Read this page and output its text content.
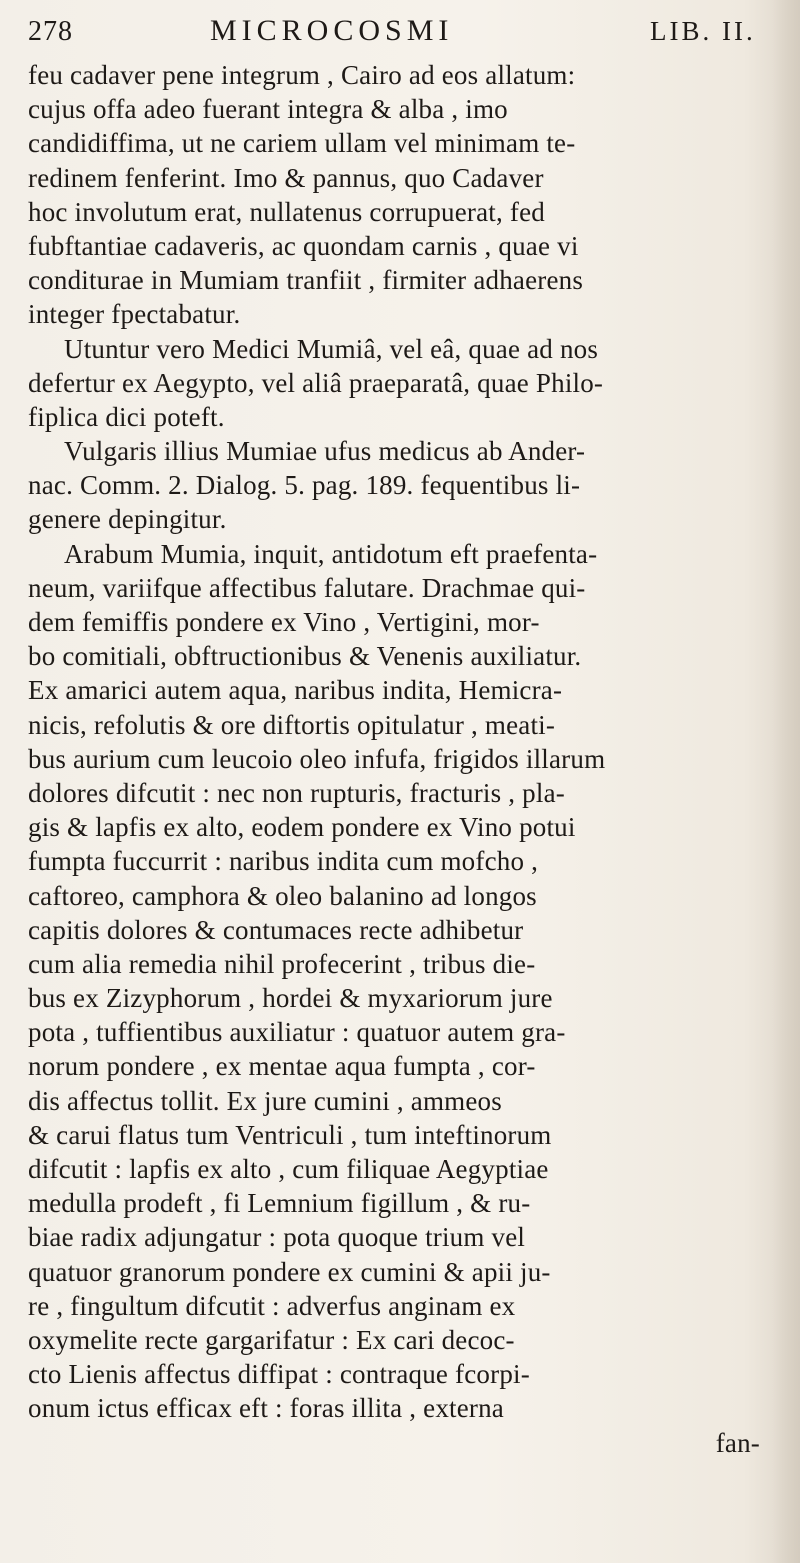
278	MICROCOSMI	LIB. II.
feu cadaver pene integrum , Cairo ad eos allatum:
cujus offa adeo fuerant integra & alba , imo
candidiffima, ut ne cariem ullam vel minimam te-
redinem fenferint. Imo & pannus, quo Cadaver
hoc involutum erat, nullatenus corrupuerat, fed
fubftantiae cadaveris, ac quondam carnis , quae vi
conditurae in Mumiam tranfiit , firmiter adhaerens
integer fpectabatur.
Utuntur vero Medici Mumiâ, vel eâ, quae ad nos
defertur ex Aegypto, vel aliâ praeparatâ, quae Philo-
fiplica dici poteft.
Vulgaris illius Mumiae ufus medicus ab Ander-
nac. Comm. 2. Dialog. 5. pag. 189. fequentibus li-
genere depingitur.
Arabum Mumia, inquit, antidotum eft praefenta-
neum, variifque affectibus falutare. Drachmae qui-
dem femiffis pondere ex Vino , Vertigini, mor-
bo comitiali, obftructionibus & Venenis auxiliatur.
Ex amarici autem aqua, naribus indita, Hemicra-
nicis, refolutis & ore diftortis opitulatur , meati-
bus aurium cum leucoio oleo infufa, frigidos illarum
dolores difcutit : nec non rupturis, fracturis , pla-
gis & lapfis ex alto, eodem pondere ex Vino potui
fumpta fuccurrit : naribus indita cum mofcho ,
caftoreo, camphora & oleo balanino ad longos
capitis dolores & contumaces recte adhibetur
cum alia remedia nihil profecerint , tribus die-
bus ex Zizyphorum , hordei & myxariorum jure
pota , tuffientibus auxiliatur : quatuor autem gra-
norum pondere , ex mentae aqua fumpta , cor-
dis affectus tollit. Ex jure cumini , ammeos
& carui flatus tum Ventriculi , tum inteftinorum
difcutit : lapfis ex alto , cum filiquae Aegyptiae
medulla prodeft , fi Lemnium figillum , & ru-
biae radix adjungatur : pota quoque trium vel
quatuor granorum pondere ex cumini & apii ju-
re , fingultum difcutit : adverfus anginam ex
oxymelite recte gargarifatur : Ex cari decoc-
cto Lienis affectus diffipat : contraque fcorpi-
onum ictus efficax eft : foras illita , externa
fan-
